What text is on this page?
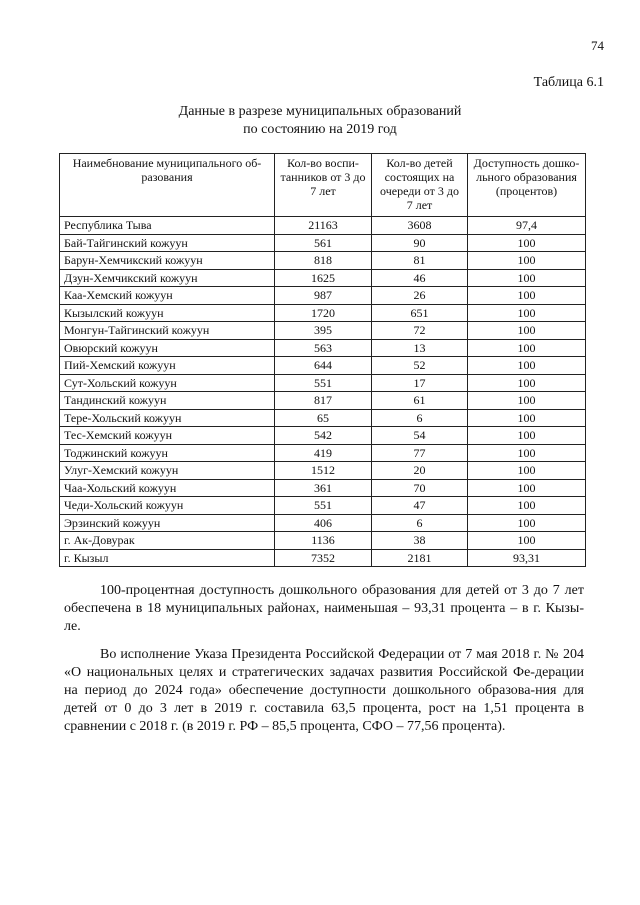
74
Таблица 6.1
Данные в разрезе муниципальных образований
по состоянию на 2019 год
Наимебнование муниципального об-разования	Кол-во воспи-танников от 3 до 7 лет	Кол-во детей состоящих на очереди от 3 до 7 лет	Доступность дошко-льного образования (процентов)
Республика Тыва	21163	3608	97,4
Бай-Тайгинский кожуун	561	90	100
Барун-Хемчикский кожуун	818	81	100
Дзун-Хемчикский кожуун	1625	46	100
Каа-Хемский кожуун	987	26	100
Кызылский кожуун	1720	651	100
Монгун-Тайгинский кожуун	395	72	100
Овюрский кожуун	563	13	100
Пий-Хемский кожуун	644	52	100
Сут-Хольский кожуун	551	17	100
Тандинский кожуун	817	61	100
Тере-Хольский кожуун	65	6	100
Тес-Хемский кожуун	542	54	100
Тоджинский кожуун	419	77	100
Улуг-Хемский кожуун	1512	20	100
Чаа-Хольский кожуун	361	70	100
Чеди-Хольский кожуун	551	47	100
Эрзинский кожуун	406	6	100
г. Ак-Довурак	1136	38	100
г. Кызыл	7352	2181	93,31

100-процентная доступность дошкольного образования для детей от 3 до 7 лет обеспечена в 18 муниципальных районах, наименьшая – 93,31 процента – в г. Кызы-ле.

Во исполнение Указа Президента Российской Федерации от 7 мая 2018 г. № 204 «О национальных целях и стратегических задачах развития Российской Фе-дерации на период до 2024 года» обеспечение доступности дошкольного образова-ния для детей от 0 до 3 лет в 2019 г. составила 63,5 процента, рост на 1,51 процента в сравнении с 2018 г. (в 2019 г. РФ – 85,5 процента, СФО – 77,56 процента).
